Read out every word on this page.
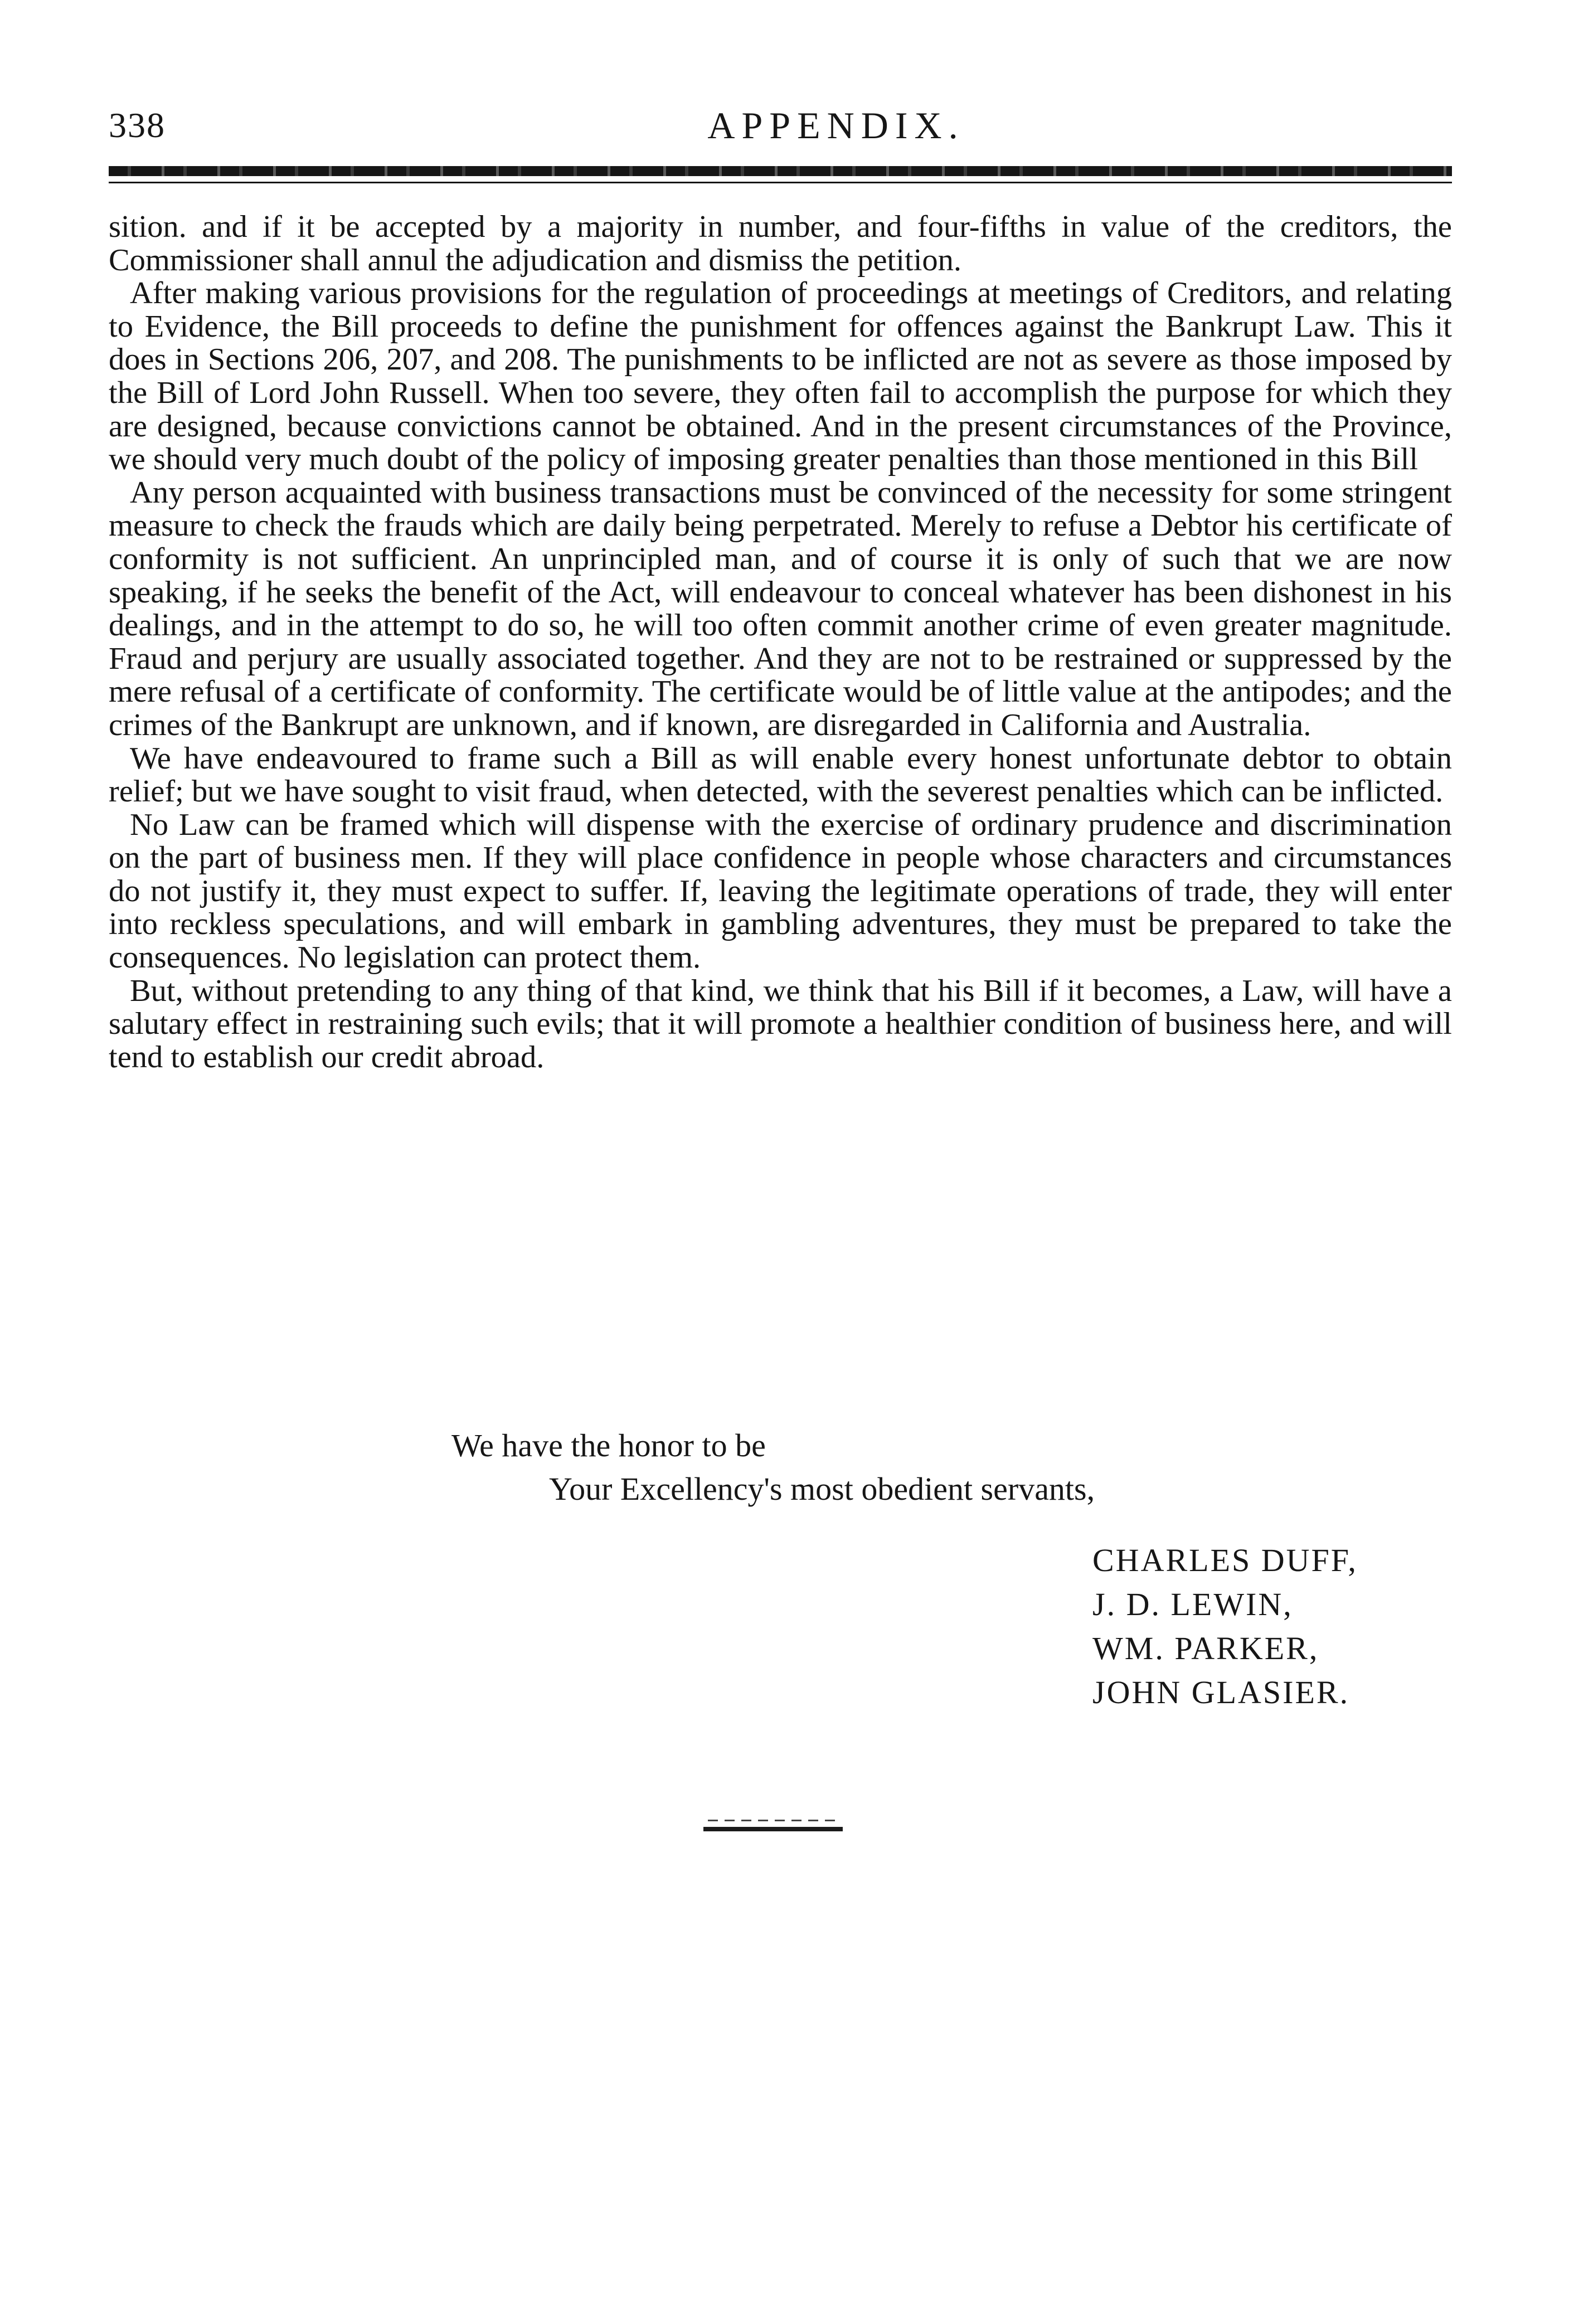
338	APPENDIX.

sition. and if it be accepted by a majority in number, and four-fifths in value of the creditors, the Commissioner shall annul the adjudication and dismiss the petition.

After making various provisions for the regulation of proceedings at meetings of Creditors, and relating to Evidence, the Bill proceeds to define the punishment for offences against the Bankrupt Law. This it does in Sections 206, 207, and 208. The punishments to be inflicted are not as severe as those imposed by the Bill of Lord John Russell. When too severe, they often fail to accomplish the purpose for which they are designed, because convictions cannot be obtained. And in the present circumstances of the Province, we should very much doubt of the policy of imposing greater penalties than those mentioned in this Bill

Any person acquainted with business transactions must be convinced of the necessity for some stringent measure to check the frauds which are daily being perpetrated. Merely to refuse a Debtor his certificate of conformity is not sufficient. An unprincipled man, and of course it is only of such that we are now speaking, if he seeks the benefit of the Act, will endeavour to conceal whatever has been dishonest in his dealings, and in the attempt to do so, he will too often commit another crime of even greater magnitude. Fraud and perjury are usually associated together. And they are not to be restrained or suppressed by the mere refusal of a certificate of conformity. The certificate would be of little value at the antipodes; and the crimes of the Bankrupt are unknown, and if known, are disregarded in California and Australia.

We have endeavoured to frame such a Bill as will enable every honest unfortunate debtor to obtain relief; but we have sought to visit fraud, when detected, with the severest penalties which can be inflicted.

No Law can be framed which will dispense with the exercise of ordinary prudence and discrimination on the part of business men. If they will place confidence in people whose characters and circumstances do not justify it, they must expect to suffer. If, leaving the legitimate operations of trade, they will enter into reckless speculations, and will embark in gambling adventures, they must be prepared to take the consequences. No legislation can protect them.

But, without pretending to any thing of that kind, we think that his Bill if it becomes, a Law, will have a salutary effect in restraining such evils; that it will promote a healthier condition of business here, and will tend to establish our credit abroad.

We have the honor to be
Your Excellency's most obedient servants,
CHARLES DUFF,
J. D. LEWIN,
WM. PARKER,
JOHN GLASIER.
